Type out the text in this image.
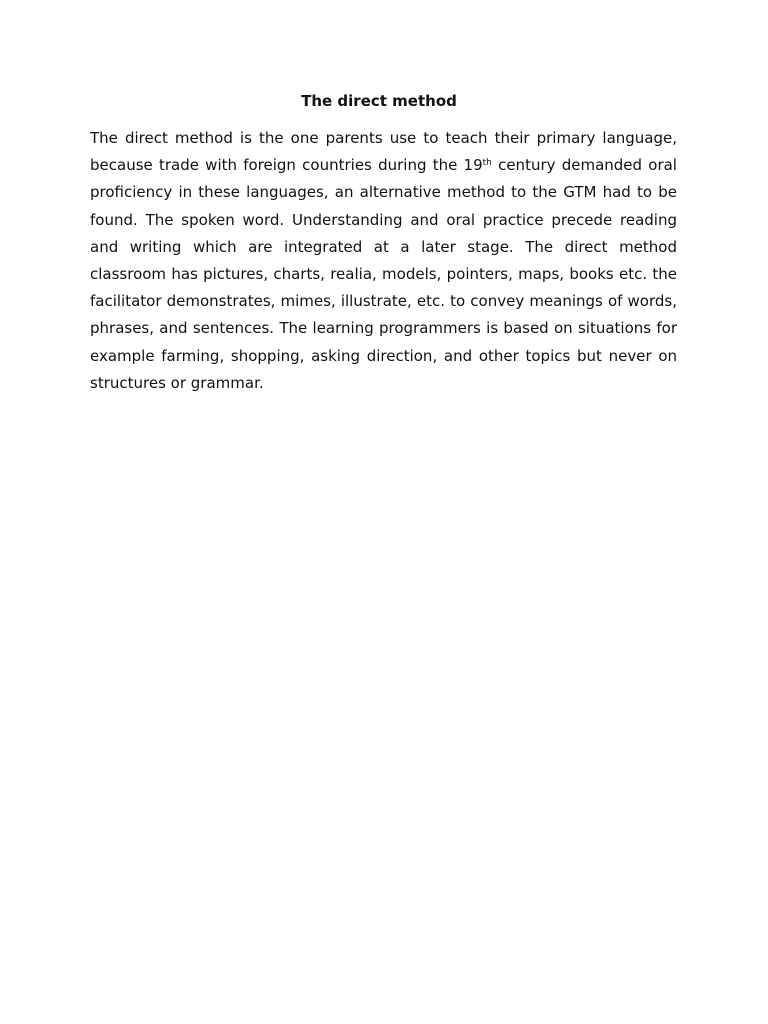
The direct method

The direct method is the one parents use to teach their primary language, because trade with foreign countries during the 19th century demanded oral proficiency in these languages, an alternative method to the GTM had to be found. The spoken word. Understanding and oral practice precede reading and writing which are integrated at a later stage. The direct method classroom has pictures, charts, realia, models, pointers, maps, books etc. the facilitator demonstrates, mimes, illustrate, etc. to convey meanings of words, phrases, and sentences. The learning programmers is based on situations for example farming, shopping, asking direction, and other topics but never on structures or grammar.
